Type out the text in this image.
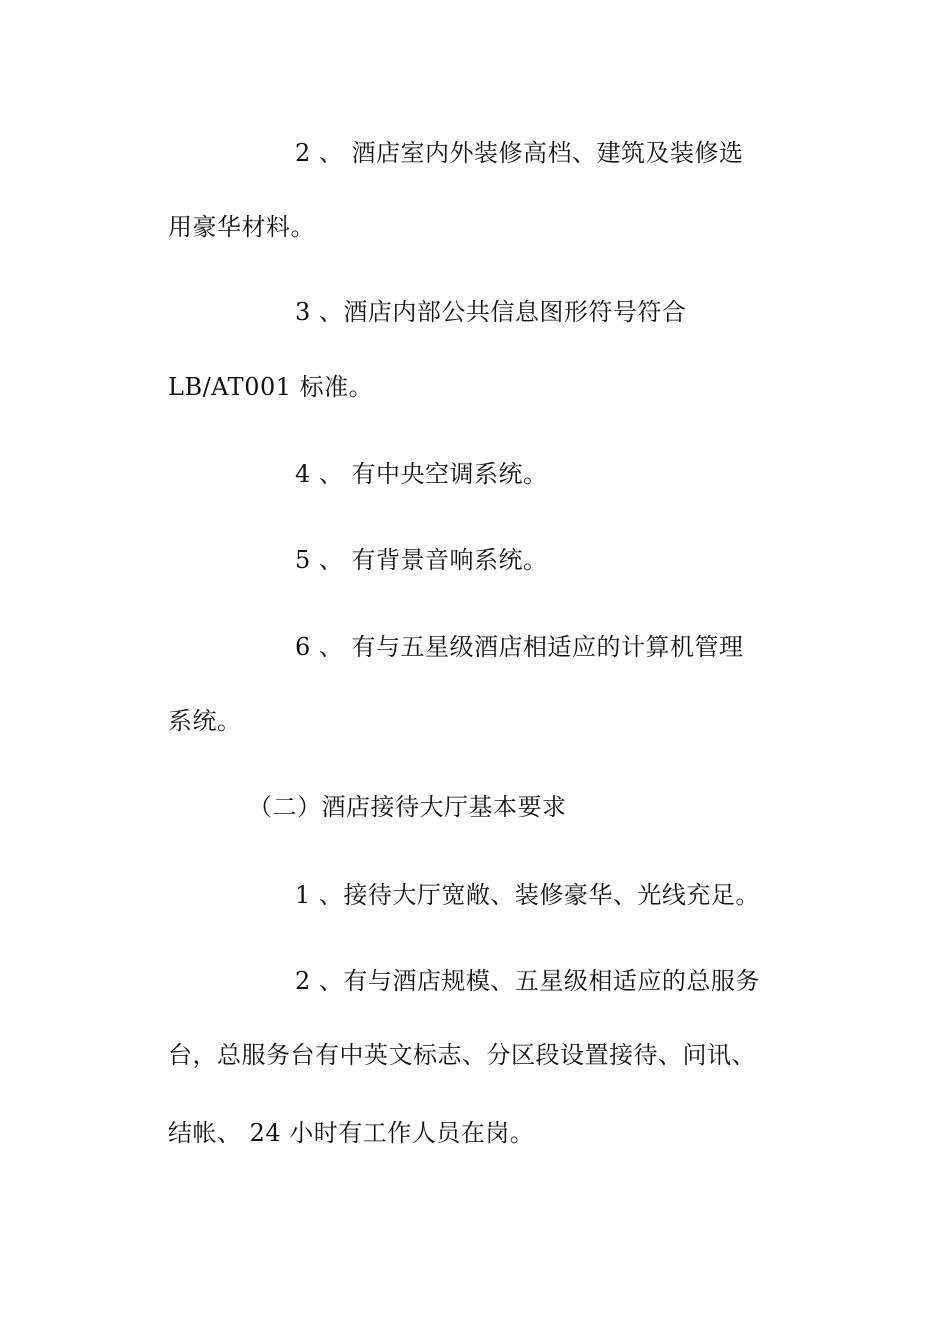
2 、 酒店室内外装修高档、建筑及装修选
用豪华材料。
3 、酒店内部公共信息图形符号符合
LB/AT001 标准。
4 、 有中央空调系统。
5 、 有背景音响系统。
6 、 有与五星级酒店相适应的计算机管理
系统。
（二）酒店接待大厅基本要求
1 、接待大厅宽敞、装修豪华、光线充足。
2 、有与酒店规模、五星级相适应的总服务
台，总服务台有中英文标志、分区段设置接待、问讯、
结帐、 24 小时有工作人员在岗。
